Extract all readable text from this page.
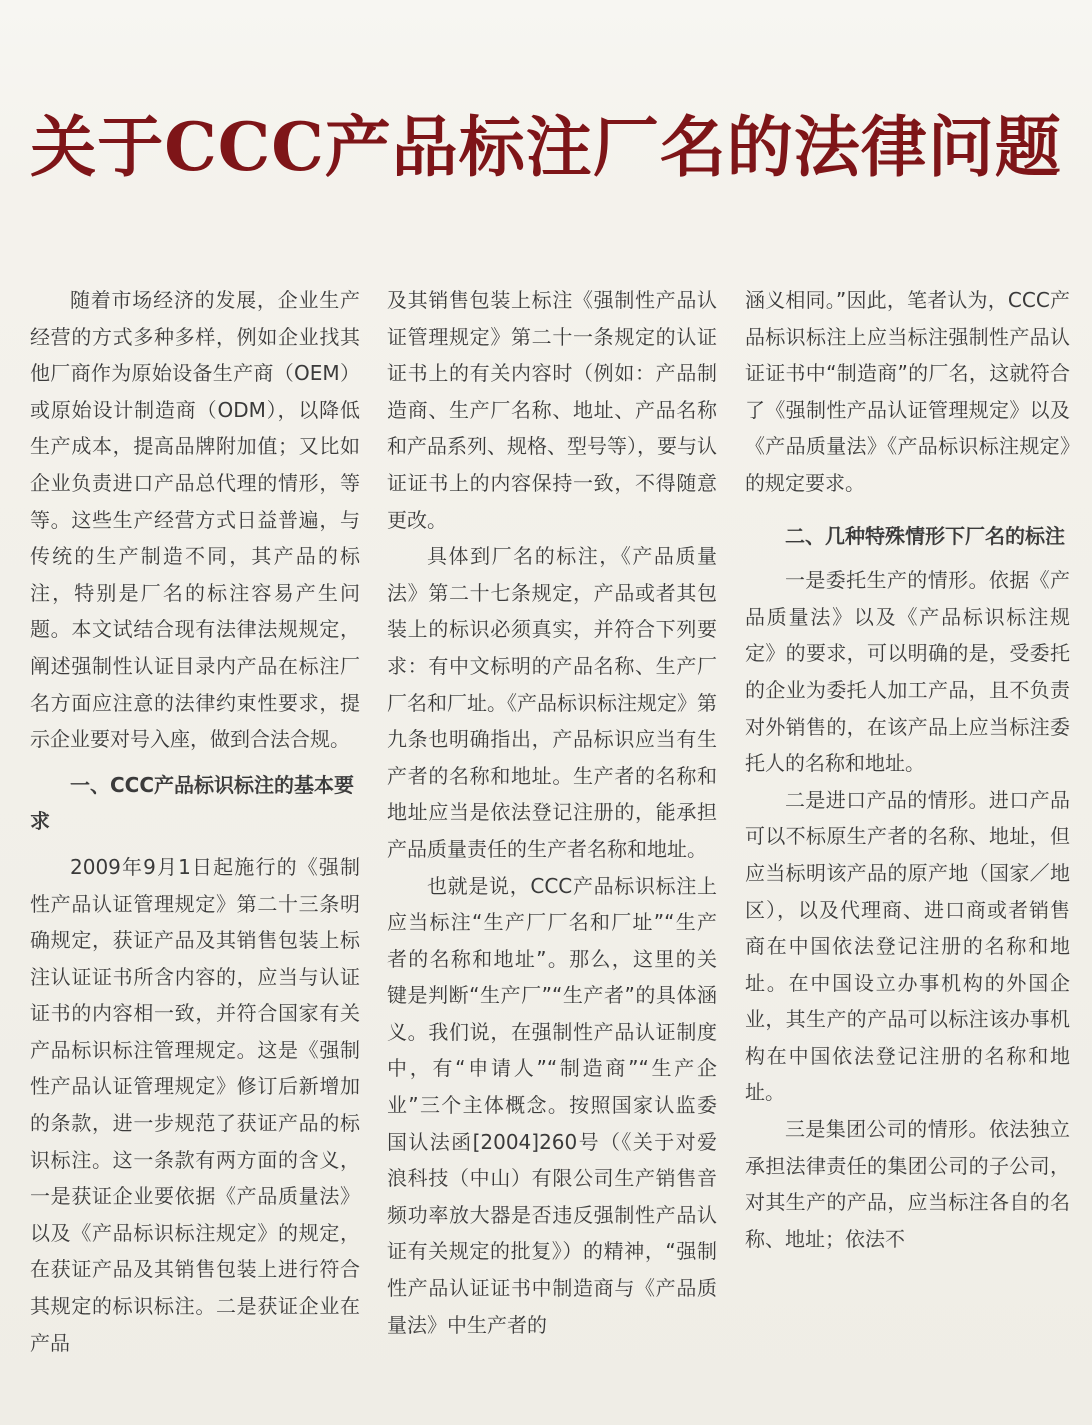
关于CCC产品标注厂名的法律问题

随着市场经济的发展，企业生产经营的方式多种多样，例如企业找其他厂商作为原始设备生产商（OEM）或原始设计制造商（ODM），以降低生产成本，提高品牌附加值；又比如企业负责进口产品总代理的情形，等等。这些生产经营方式日益普遍，与传统的生产制造不同，其产品的标注，特别是厂名的标注容易产生问题。本文试结合现有法律法规规定，阐述强制性认证目录内产品在标注厂名方面应注意的法律约束性要求，提示企业要对号入座，做到合法合规。

一、CCC产品标识标注的基本要求

2009年9月1日起施行的《强制性产品认证管理规定》第二十三条明确规定，获证产品及其销售包装上标注认证证书所含内容的，应当与认证证书的内容相一致，并符合国家有关产品标识标注管理规定。这是《强制性产品认证管理规定》修订后新增加的条款，进一步规范了获证产品的标识标注。这一条款有两方面的含义，一是获证企业要依据《产品质量法》以及《产品标识标注规定》的规定，在获证产品及其销售包装上进行符合其规定的标识标注。二是获证企业在产品

及其销售包装上标注《强制性产品认证管理规定》第二十一条规定的认证证书上的有关内容时（例如：产品制造商、生产厂名称、地址、产品名称和产品系列、规格、型号等），要与认证证书上的内容保持一致，不得随意更改。

具体到厂名的标注，《产品质量法》第二十七条规定，产品或者其包装上的标识必须真实，并符合下列要求：有中文标明的产品名称、生产厂厂名和厂址。《产品标识标注规定》第九条也明确指出，产品标识应当有生产者的名称和地址。生产者的名称和地址应当是依法登记注册的，能承担产品质量责任的生产者名称和地址。

也就是说，CCC产品标识标注上应当标注“生产厂厂名和厂址”“生产者的名称和地址”。那么，这里的关键是判断“生产厂”“生产者”的具体涵义。我们说，在强制性产品认证制度中，有“申请人”“制造商”“生产企业”三个主体概念。按照国家认监委国认法函[2004]260号（《关于对爱浪科技（中山）有限公司生产销售音频功率放大器是否违反强制性产品认证有关规定的批复》）的精神，“强制性产品认证证书中制造商与《产品质量法》中生产者的

涵义相同。”因此，笔者认为，CCC产品标识标注上应当标注强制性产品认证证书中“制造商”的厂名，这就符合了《强制性产品认证管理规定》以及《产品质量法》《产品标识标注规定》的规定要求。

二、几种特殊情形下厂名的标注

一是委托生产的情形。依据《产品质量法》以及《产品标识标注规定》的要求，可以明确的是，受委托的企业为委托人加工产品，且不负责对外销售的，在该产品上应当标注委托人的名称和地址。

二是进口产品的情形。进口产品可以不标原生产者的名称、地址，但应当标明该产品的原产地（国家／地区），以及代理商、进口商或者销售商在中国依法登记注册的名称和地址。在中国设立办事机构的外国企业，其生产的产品可以标注该办事机构在中国依法登记注册的名称和地址。

三是集团公司的情形。依法独立承担法律责任的集团公司的子公司，对其生产的产品，应当标注各自的名称、地址；依法不
